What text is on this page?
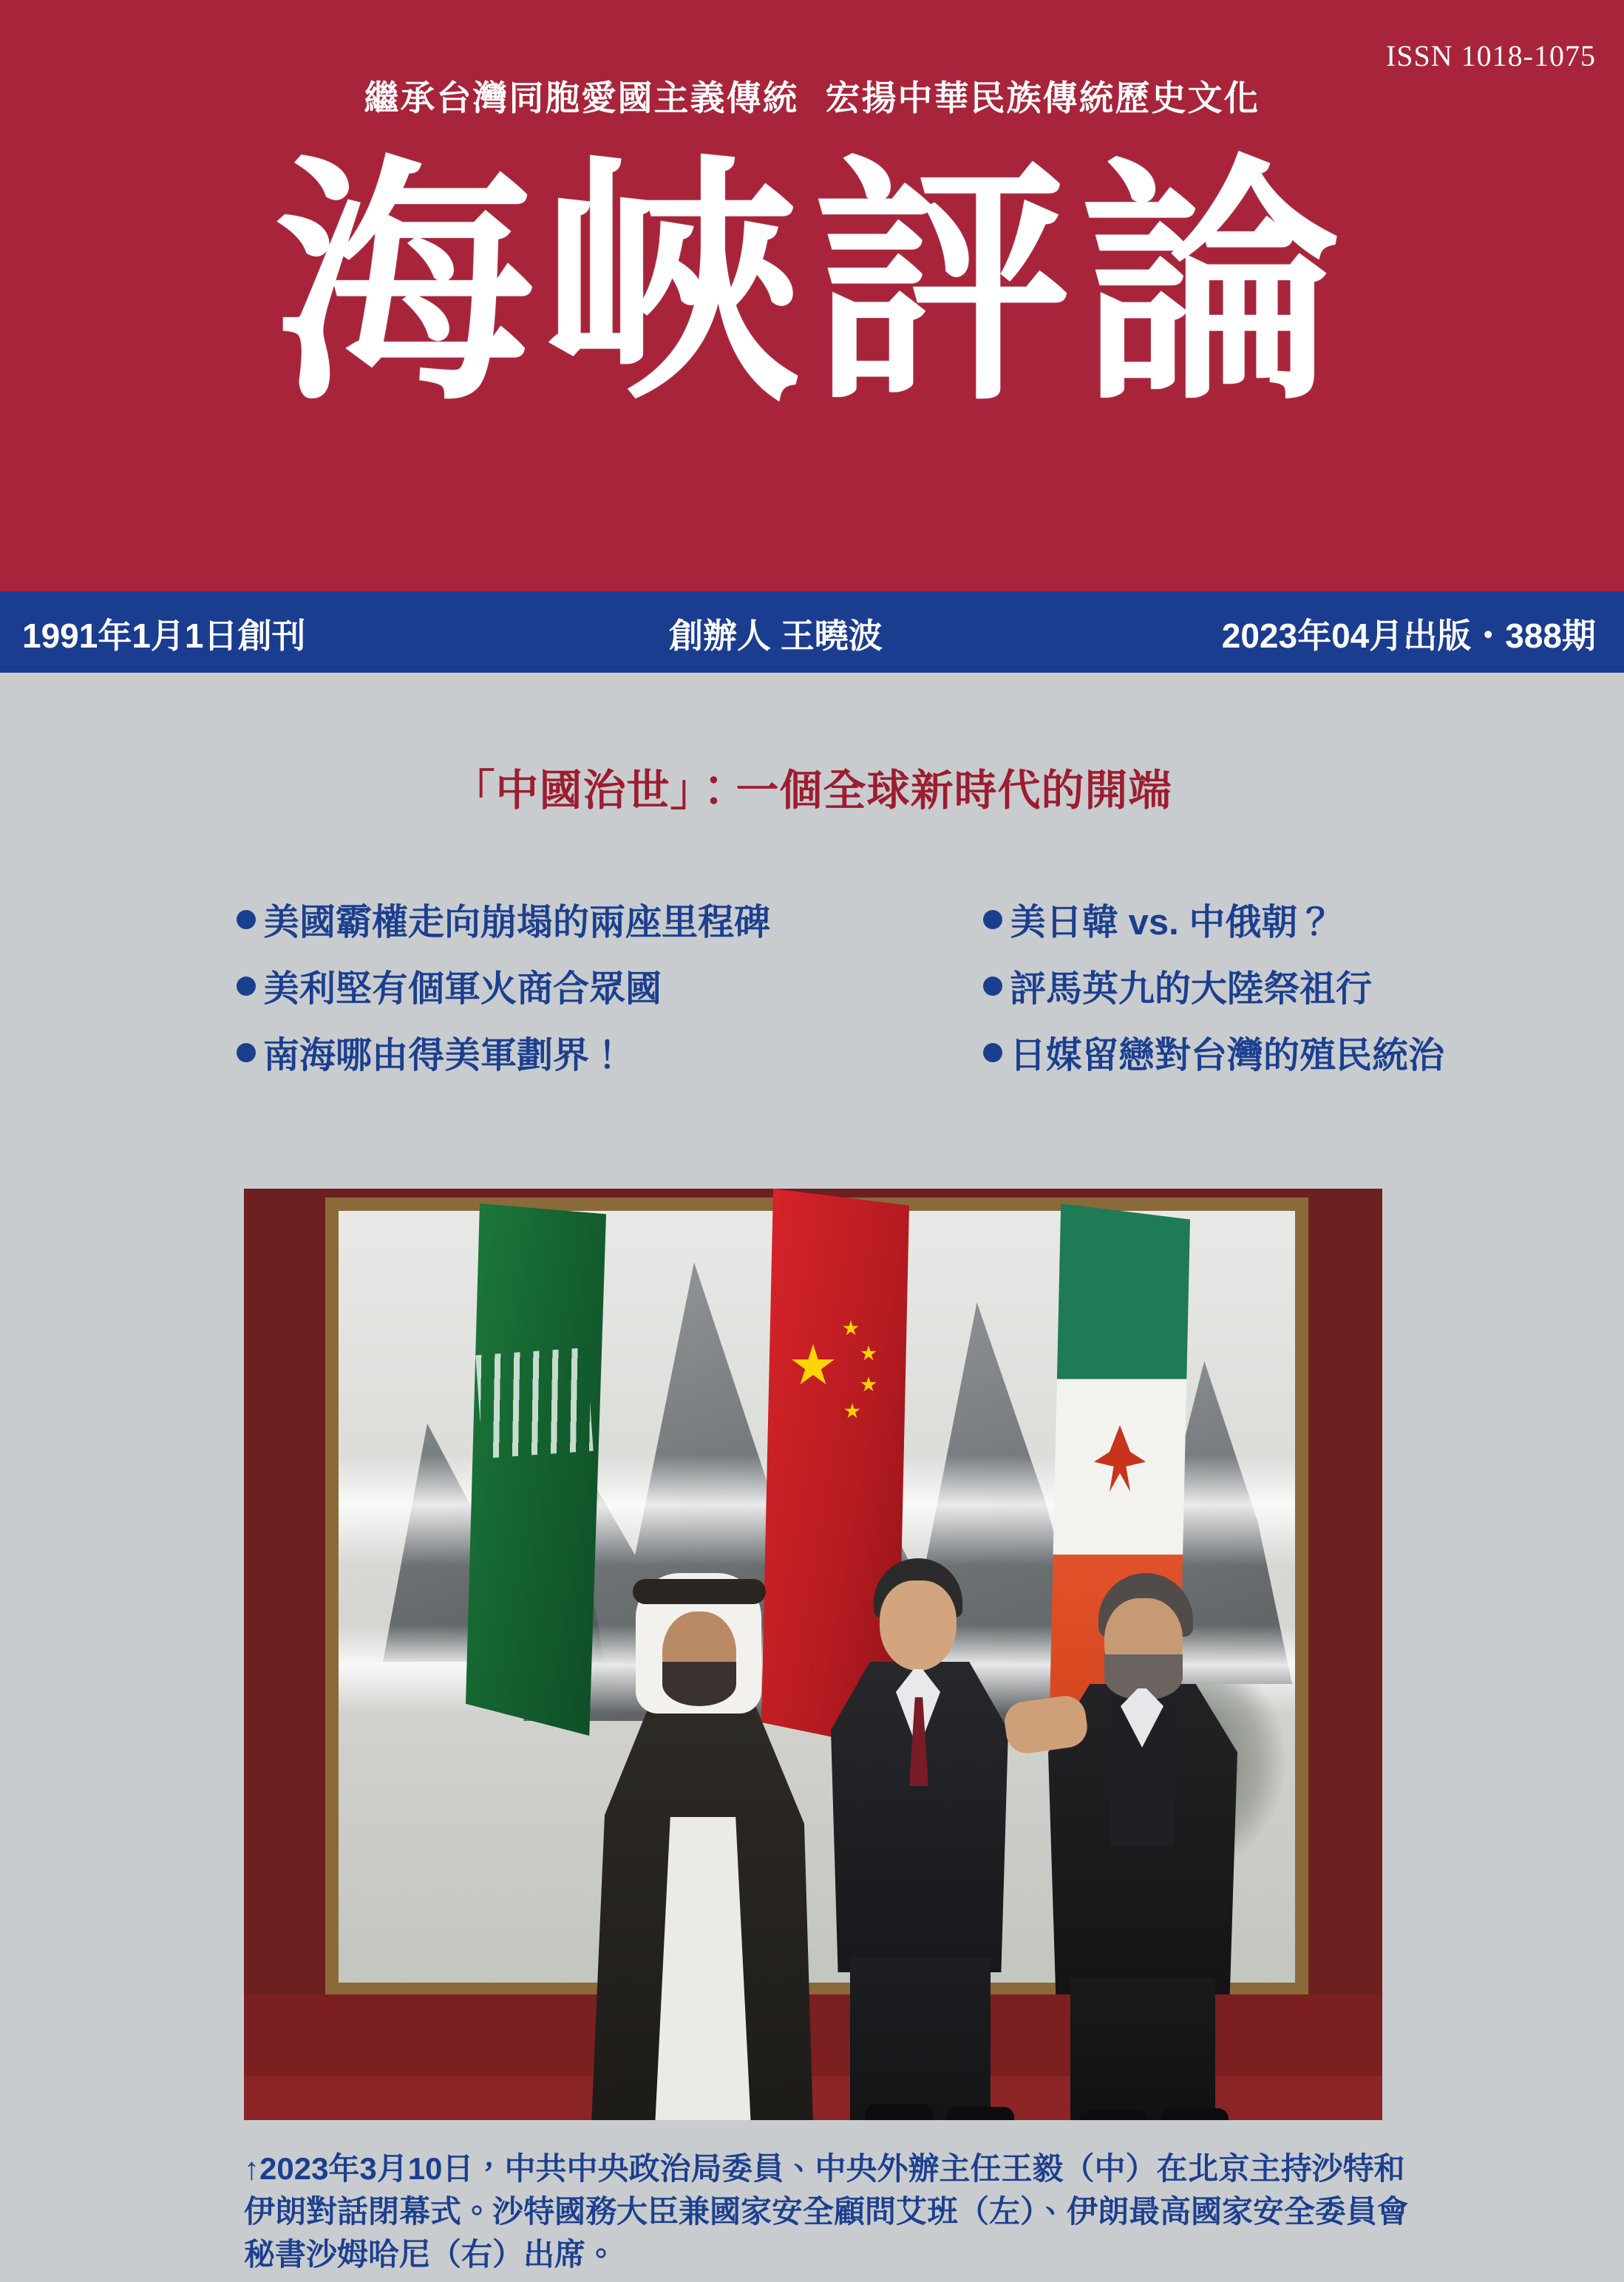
ISSN 1018-1075
繼承台灣同胞愛國主義傳統 宏揚中華民族傳統歷史文化
海峽評論
1991年1月1日創刊	創辦人 王曉波	2023年04月出版・388期
「中國治世」：一個全球新時代的開端
美國霸權走向崩塌的兩座里程碑
美利堅有個軍火商合眾國
南海哪由得美軍劃界！
美日韓 vs. 中俄朝？
評馬英九的大陸祭祖行
日媒留戀對台灣的殖民統治
↑2023年3月10日，中共中央政治局委員、中央外辦主任王毅（中）在北京主持沙特和伊朗對話閉幕式。沙特國務大臣兼國家安全顧問艾班（左）、伊朗最高國家安全委員會秘書沙姆哈尼（右）出席。
